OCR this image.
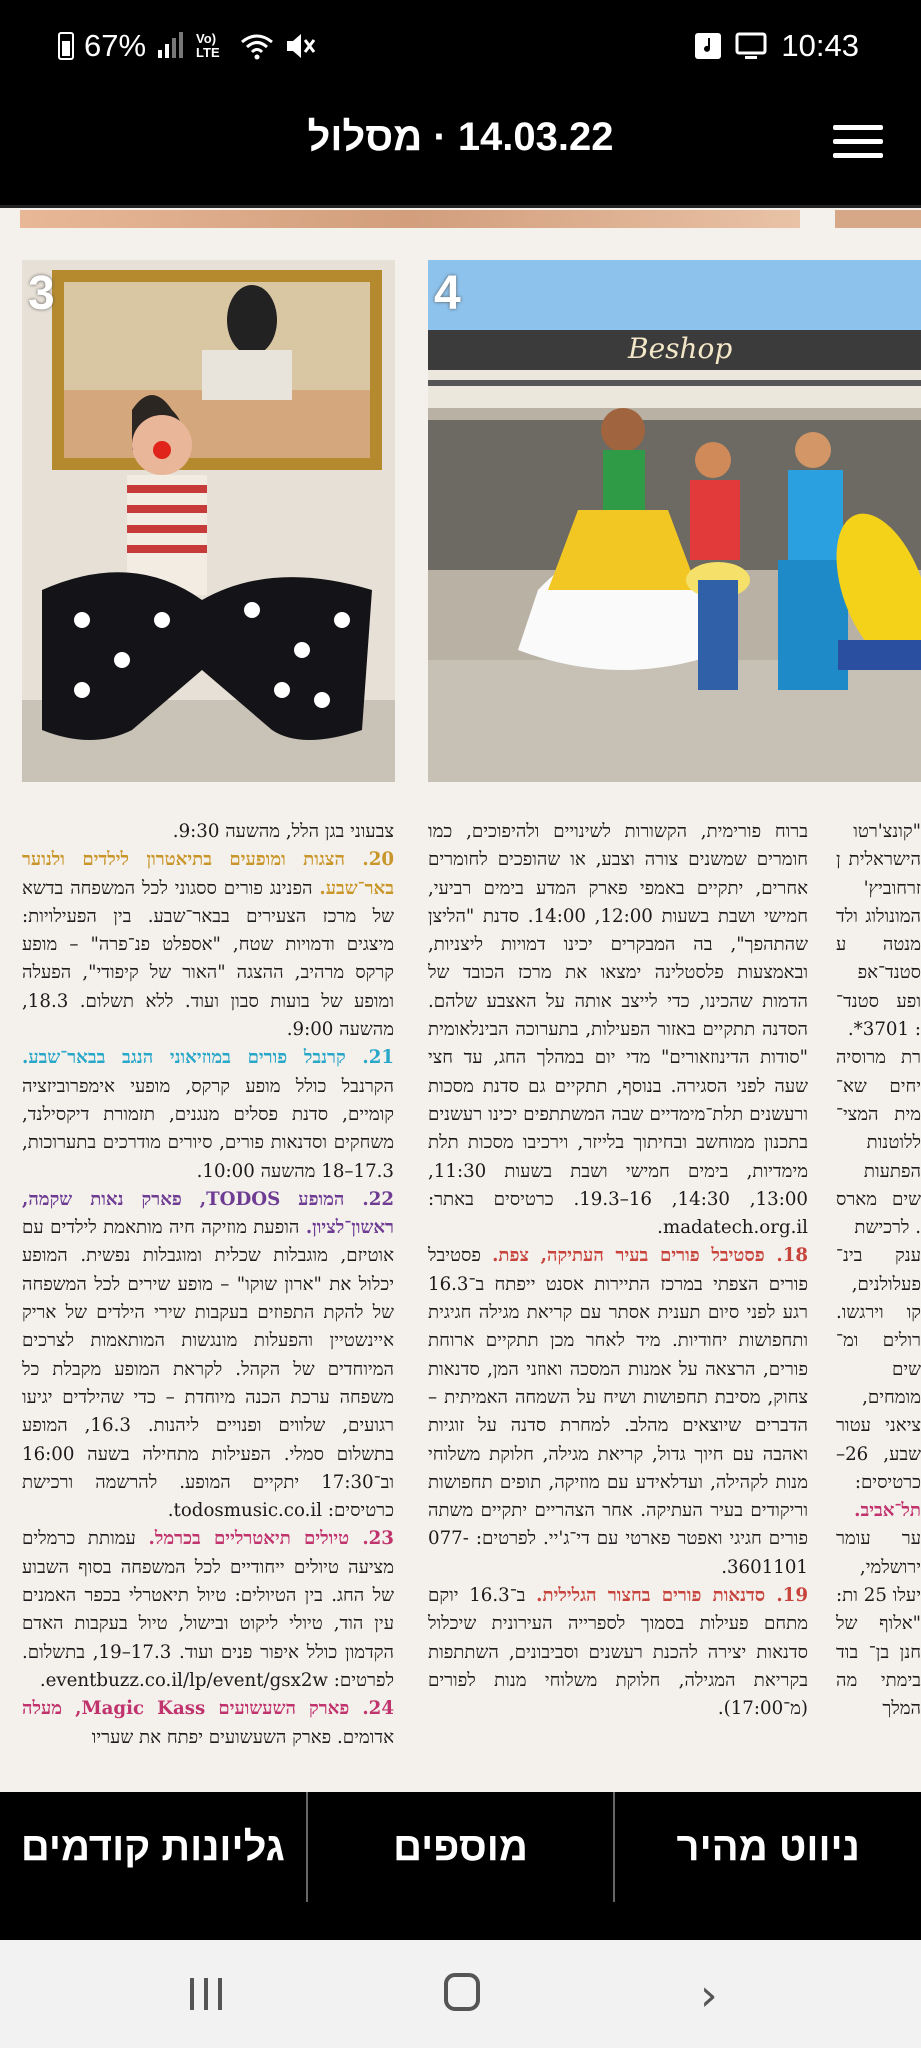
67%	Vo) LTE	10:43
14.03.22 · מסלול
3
Beshop
4

צבעוני בגן הלל, מהשעה 9:30.

20. הצגות ומופעים בתיאטרון לילדים ולנוער באר־שבע. הפנינג פורים ססגוני לכל המשפחה בדשא של מרכז הצעירים בבאר־שבע. בין הפעילויות: מיצגים ודמויות שטח, "אספלט פנ־פרה" – מופע קרקס מרהיב, ההצגה "האור של קיפודי", הפעלה ומופע של בועות סבון ועוד. ללא תשלום. 18.3, מהשעה 9:00.

21. קרנבל פורים במוזיאוני הנגב בבאר־שבע. הקרנבל כולל מופע קרקס, מופעי אימפרוביזציה קומיים, סדנת פסלים מנגנים, תזמורת דיקסילנד, משחקים וסדנאות פורים, סיורים מודרכים בתערוכות, 17.3–18 מהשעה 10:00.

22. המופע TODOS, פארק נאות שקמה, ראשון־לציון. הופעת מוזיקה חיה מותאמת לילדים עם אוטיזם, מוגבלות שכלית ומוגבלות נפשית. המופע יכלול את "ארון שוקו" – מופע שירים לכל המשפחה של להקת התפוזים בעקבות שירי הילדים של אריק איינשטיין והפעלות מונגשות המותאמות לצרכים המיוחדים של הקהל. לקראת המופע מקבלת כל משפחה ערכת הכנה מיוחדת – כדי שהילדים יגיעו רגועים, שלווים ופנויים ליהנות. 16.3, המופע בתשלום סמלי. הפעילות מתחילה בשעה 16:00 וב־17:30 יתקיים המופע. להרשמה ורכישת כרטיסים: todosmusic.co.il.

23. טיולים תיאטרליים בכרמל. עמותת כרמלים מציעה טיולים ייחודיים לכל המשפחה בסוף השבוע של החג. בין הטיולים: טיול תיאטרלי בכפר האמנים עין הוד, טיולי ליקוט ובישול, טיול בעקבות האדם הקדמון כולל איפור פנים ועוד. 17.3–19, בתשלום. לפרטים: eventbuzz.co.il/lp/event/gsx2w.

24. פארק השעשועים Magic Kass, מעלה אדומים. פארק השעשועים יפתח את שעריו

ברוח פורימית, הקשורות לשינויים ולהיפוכים, כמו חומרים שמשנים צורה וצבע, או שהופכים לחומרים אחרים, יתקיים באמפי פארק המדע בימים רביעי, חמישי ושבת בשעות 12:00, 14:00. סדנת "הליצן שהתהפך", בה המבקרים יכינו דמויות ליצניות, ובאמצעות פלסטלינה ימצאו את מרכז הכובד של הדמות שהכינו, כדי לייצב אותה על האצבע שלהם. הסדנה תתקיים באזור הפעילות, בתערוכה הבינלאומית "סודות הדינוזאורים" מדי יום במהלך החג, עד חצי שעה לפני הסגירה. בנוסף, תתקיים גם סדנת מסכות ורעשנים תלת־מימדיים שבה המשתתפים יכינו רעשנים בתכנון ממוחשב ובחיתוך בלייזר, וירכיבו מסכות תלת מימדיות, בימים חמישי ושבת בשעות 11:30, 13:00, 14:30, 16–19.3. כרטיסים באתר: madatech.org.il.

18. פסטיבל פורים בעיר העתיקה, צפת. פסטיבל פורים הצפתי במרכז התיירות אסנט ייפתח ב־16.3 רגע לפני סיום תענית אסתר עם קריאת מגילה חגיגית ותחפושות יחודיות. מיד לאחר מכן תתקיים ארוחת פורים, הרצאה על אמנות המסכה ואוזני המן, סדנאות צחוק, מסיבת תחפושות ושיח על השמחה האמיתית – הדברים שיוצאים מהלב. למחרת סדנה על זוגיות ואהבה עם חיוך גדול, קריאת מגילה, חלוקת משלוחי מנות לקהילה, ועדלאידע עם מוזיקה, תופים תחפושות וריקודים בעיר העתיקה. אחר הצהריים יתקיים משתה פורים חגיגי ואפטר פארטי עם די־ג'יי. לפרטים: 077-3601101.

19. סדנאות פורים בחצור הגלילית. ב־16.3 יוקם מתחם פעילות בסמוך לספרייה העירונית שיכלול סדנאות יצירה להכנת רעשנים וסביבונים, השתתפות בקריאת המגילה, חלוקת משלוחי מנות לפורים (מ־17:00).

"קונצ'רטו הישראלית ן זרחוביץ' המונולוג ולד מנטה ע סטנד־אפ ופע סטנד־ : 3701*.

רת מרוסיה יחים שא־ מית המצי־ ללוטנות הפתעות שים מארס . לרכישת

ענק בינ־ פעלולנים, קו וירגשו. רולים ומ־ שים מומחים, ציאני עטור שבע, 26– כרטיסים:

תל־אביב. ער עומר ירושלמי, יעלו 25 ות: "אלוף של חנן בן־ בוד בימתי מה המלך

גליונות קודמים	מוספים	ניווט מהיר
›
